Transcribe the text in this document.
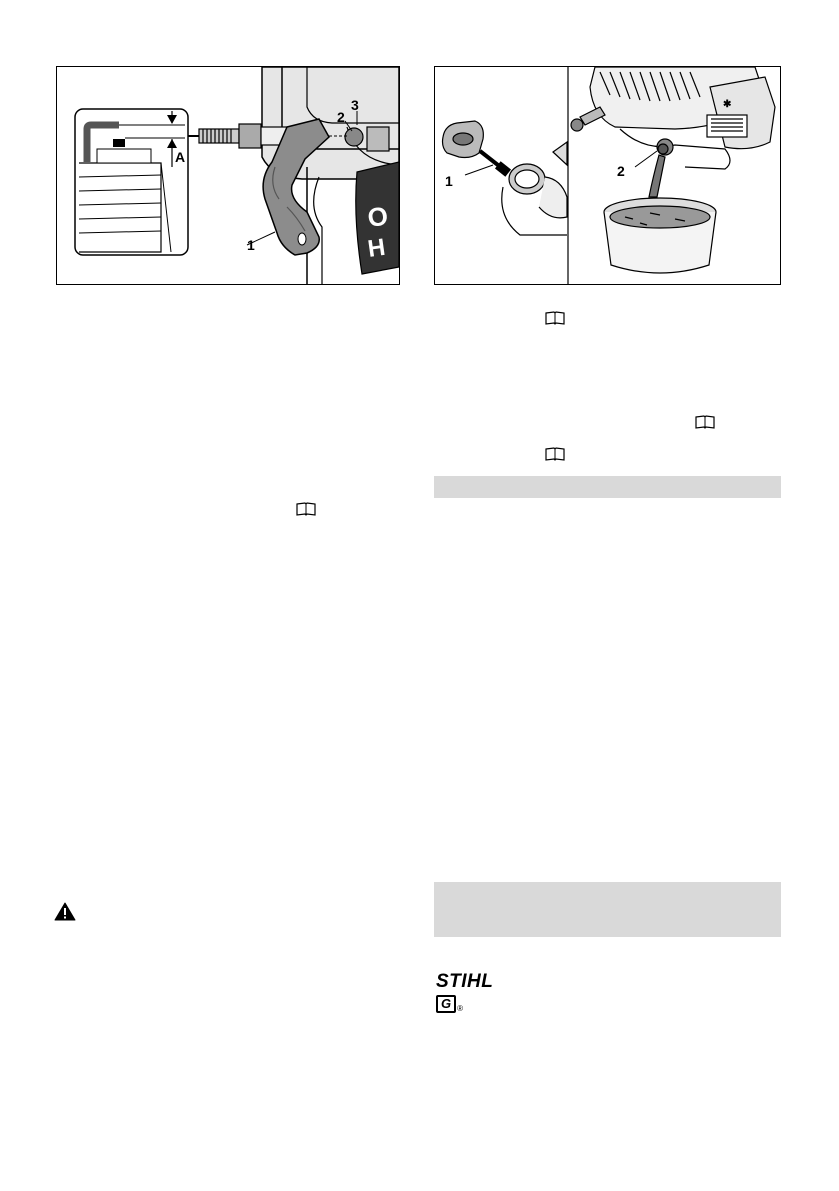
O
H
1
2
3
A
✱
1
2
STIHL
G ®
